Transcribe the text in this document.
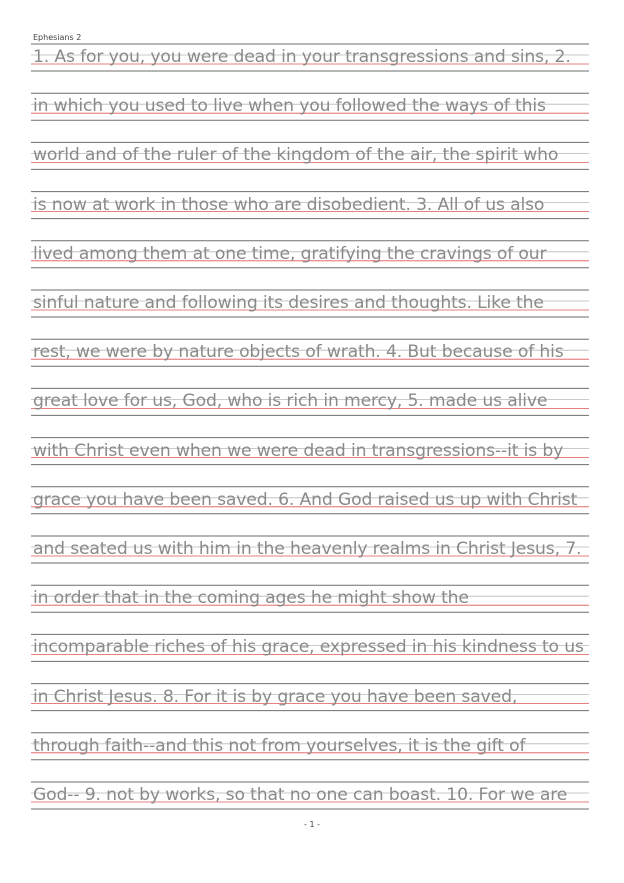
Ephesians 2
1. As for you, you were dead in your transgressions and sins, 2.
in which you used to live when you followed the ways of this
world and of the ruler of the kingdom of the air, the spirit who
is now at work in those who are disobedient. 3. All of us also
lived among them at one time, gratifying the cravings of our
sinful nature and following its desires and thoughts. Like the
rest, we were by nature objects of wrath. 4. But because of his
great love for us, God, who is rich in mercy, 5. made us alive
with Christ even when we were dead in transgressions--it is by
grace you have been saved. 6. And God raised us up with Christ
and seated us with him in the heavenly realms in Christ Jesus, 7.
in order that in the coming ages he might show the
incomparable riches of his grace, expressed in his kindness to us
in Christ Jesus. 8. For it is by grace you have been saved,
through faith--and this not from yourselves, it is the gift of
God-- 9. not by works, so that no one can boast. 10. For we are
- 1 -
